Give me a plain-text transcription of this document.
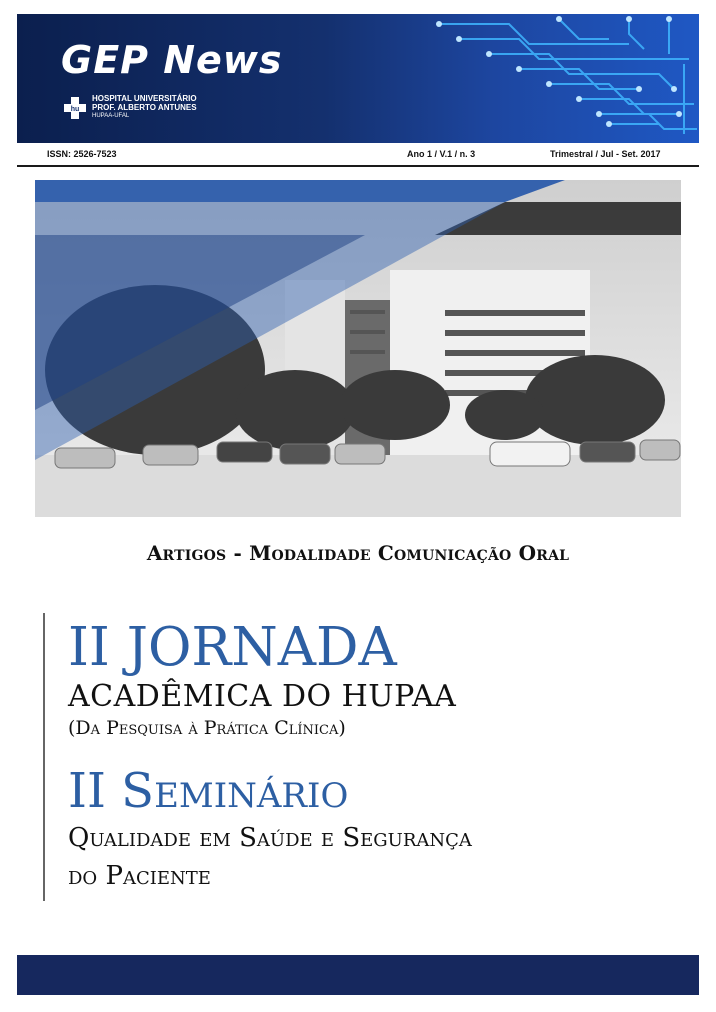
GEP News
hu
HOSPITAL UNIVERSITÁRIO
PROF. ALBERTO ANTUNES
HUPAA-UFAL
ISSN: 2526-7523	Ano 1 / V.1 / n. 3	Trimestral / Jul - Set. 2017
Artigos - Modalidade Comunicação Oral
II JORNADA
ACADÊMICA DO HUPAA
(Da Pesquisa à Prática Clínica)
II Seminário
Qualidade em Saúde e Segurança
do Paciente
